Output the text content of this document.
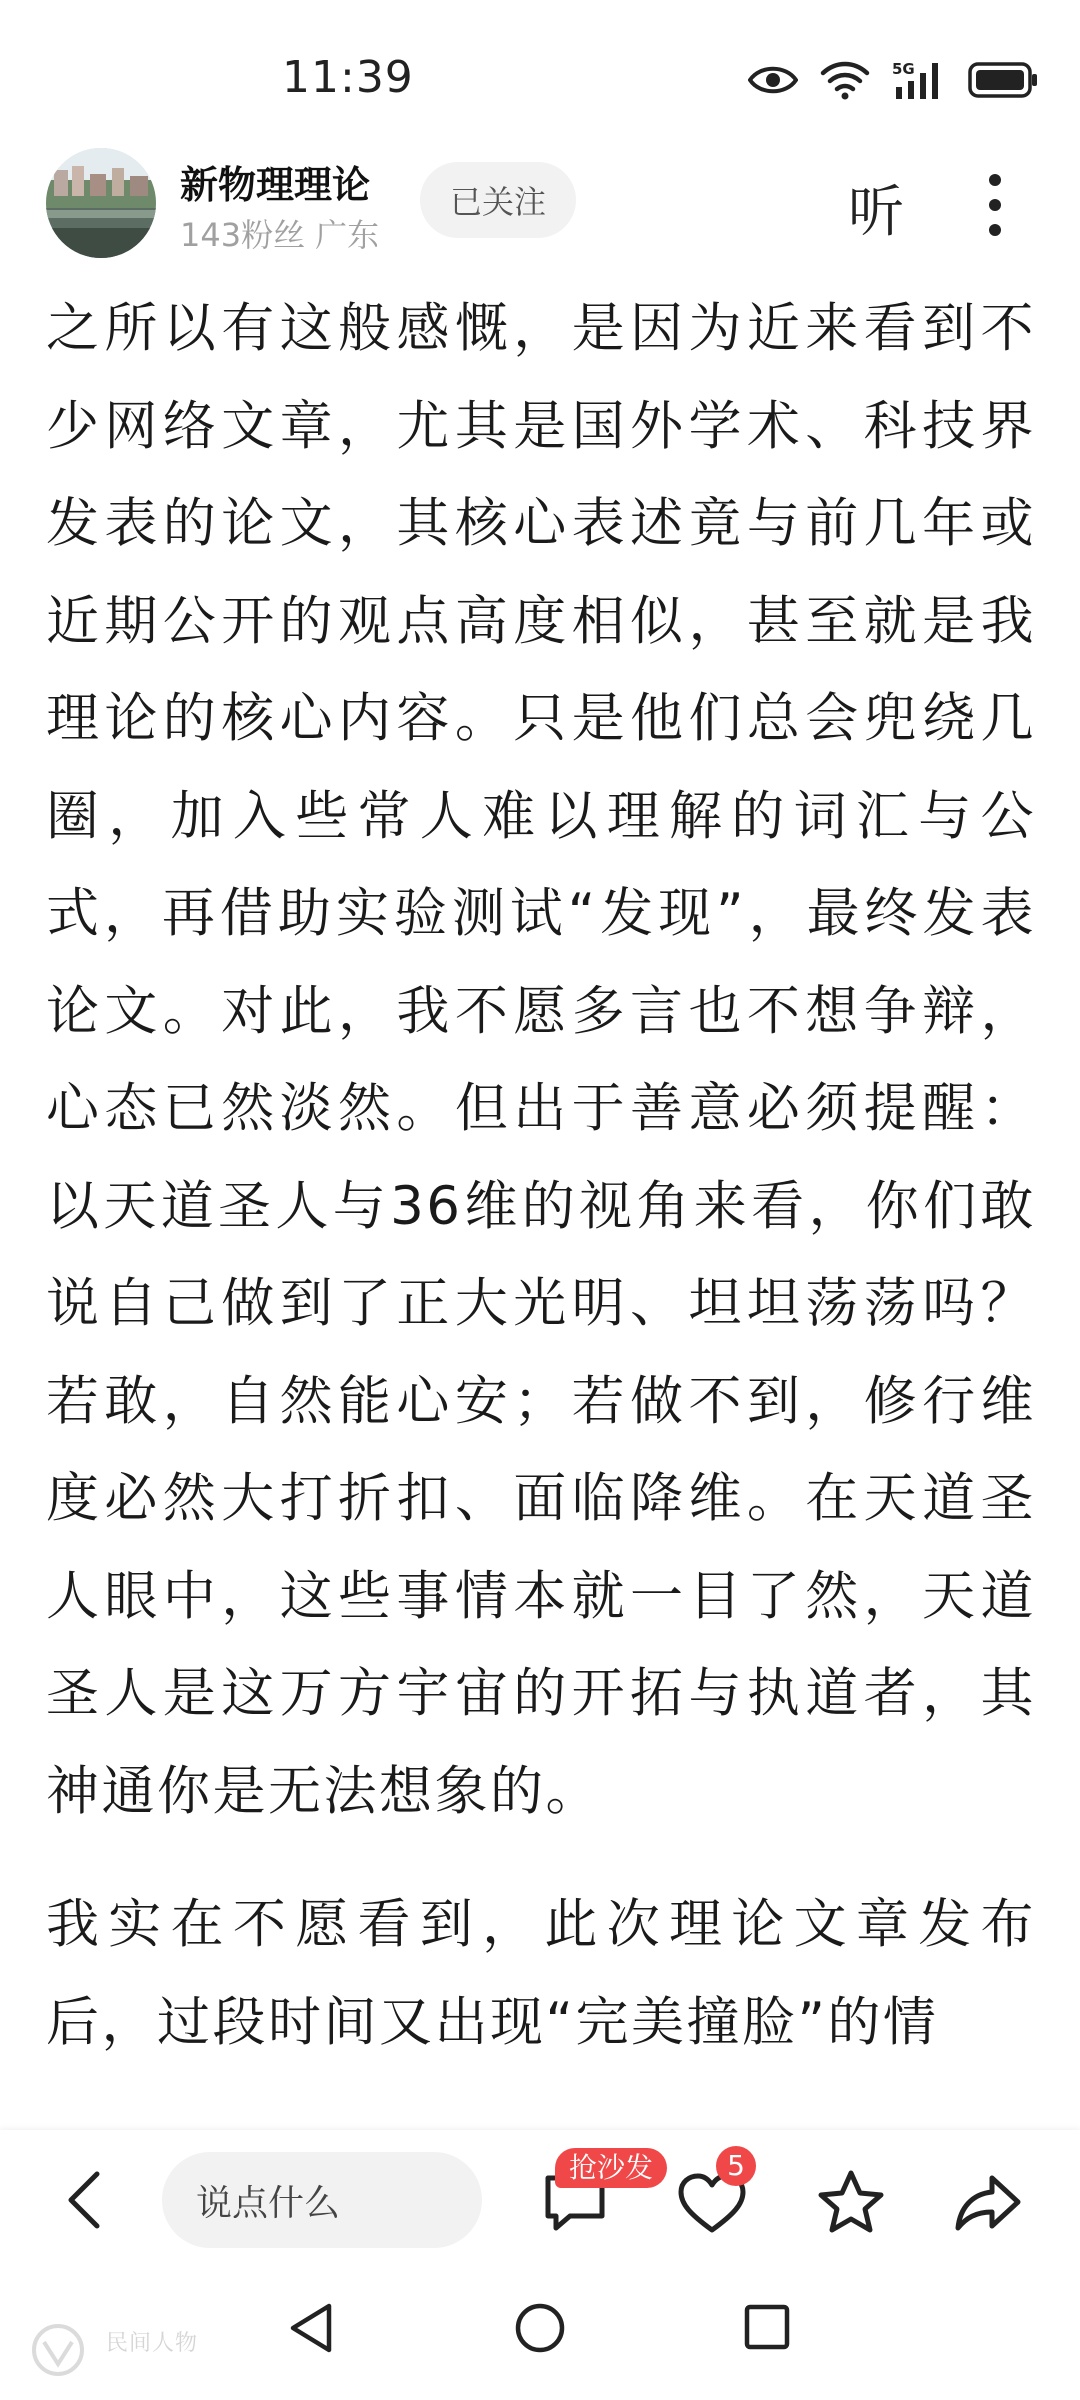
11:39	5G
新物理理论
143粉丝 广东
已关注	听

之所以有这般感慨，是因为近来看到不少网络文章，尤其是国外学术、科技界发表的论文，其核心表述竟与前几年或近期公开的观点高度相似，甚至就是我理论的核心内容。只是他们总会兜绕几圈，加入些常人难以理解的词汇与公式，再借助实验测试“发现”，最终发表论文。对此，我不愿多言也不想争辩，心态已然淡然。但出于善意必须提醒：以天道圣人与36维的视角来看，你们敢说自己做到了正大光明、坦坦荡荡吗？若敢，自然能心安；若做不到，修行维度必然大打折扣、面临降维。在天道圣人眼中，这些事情本就一目了然，天道圣人是这万方宇宙的开拓与执道者，其神通你是无法想象的。

我实在不愿看到，此次理论文章发布后，过段时间又出现“完美撞脸”的情

说点什么
抢沙发	5
民间人物
